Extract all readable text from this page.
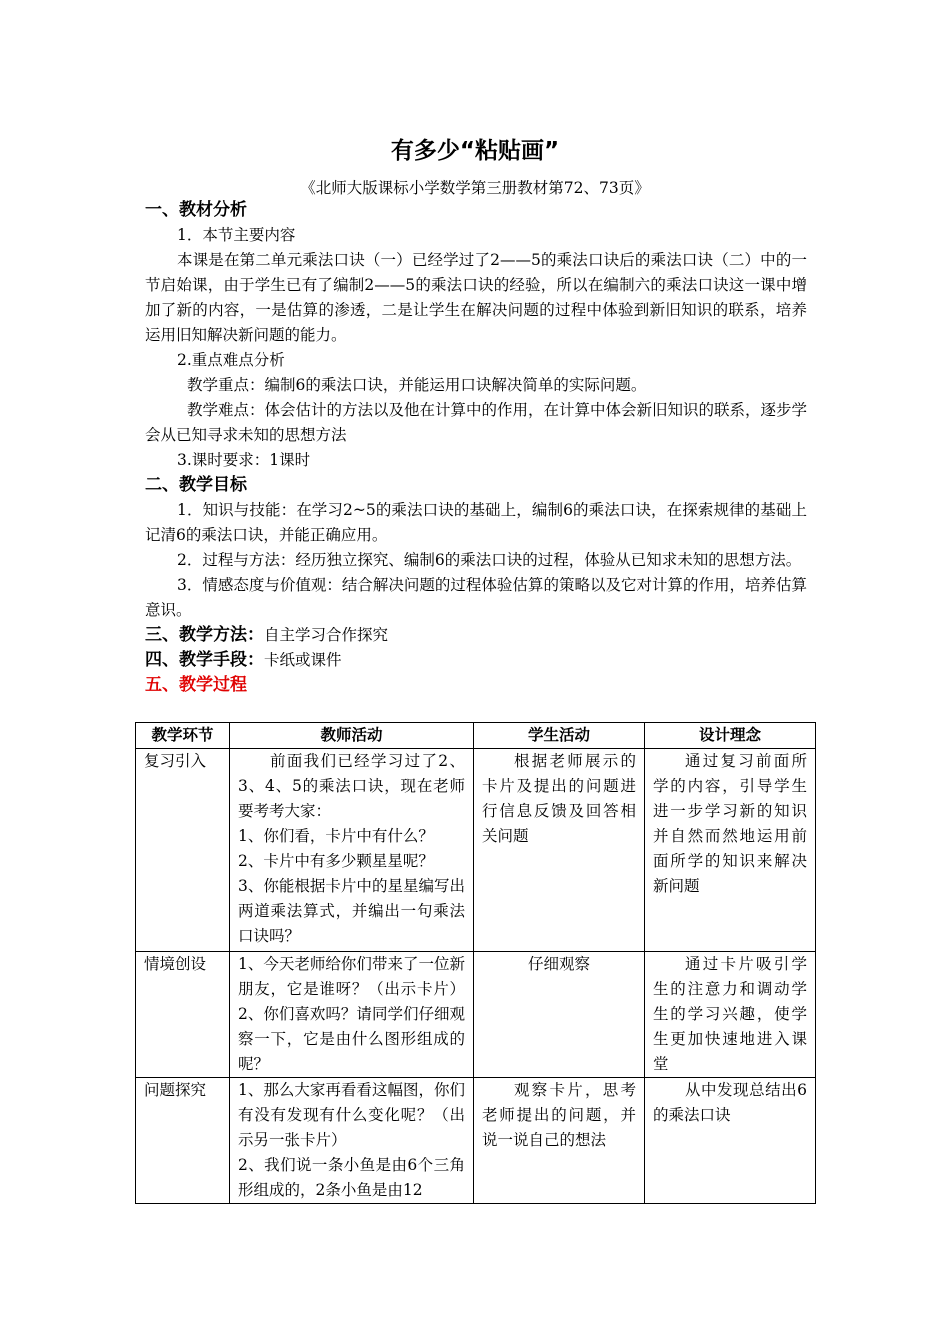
有多少“粘贴画”
《北师大版课标小学数学第三册教材第72、73页》
一、教材分析
1．本节主要内容
本课是在第二单元乘法口诀（一）已经学过了2——5的乘法口诀后的乘法口诀（二）中的一节启始课，由于学生已有了编制2——5的乘法口诀的经验，所以在编制六的乘法口诀这一课中增加了新的内容，一是估算的渗透，二是让学生在解决问题的过程中体验到新旧知识的联系，培养运用旧知解决新问题的能力。
2.重点难点分析
教学重点：编制6的乘法口诀，并能运用口诀解决简单的实际问题。
教学难点：体会估计的方法以及他在计算中的作用，在计算中体会新旧知识的联系，逐步学会从已知寻求未知的思想方法
3.课时要求：1课时
二、教学目标
1．知识与技能：在学习2~5的乘法口诀的基础上，编制6的乘法口诀，在探索规律的基础上记清6的乘法口诀，并能正确应用。
2．过程与方法：经历独立探究、编制6的乘法口诀的过程，体验从已知求未知的思想方法。
3．情感态度与价值观：结合解决问题的过程体验估算的策略以及它对计算的作用，培养估算意识。
三、教学方法：自主学习合作探究
四、教学手段：卡纸或课件
五、教学过程
教学环节	教师活动	学生活动	设计理念
复习引入	前面我们已经学习过了2、3、4、5的乘法口诀，现在老师要考考大家：
1、你们看，卡片中有什么？
2、卡片中有多少颗星星呢？
3、你能根据卡片中的星星编写出两道乘法算式，并编出一句乘法口诀吗？	根据老师展示的卡片及提出的问题进行信息反馈及回答相关问题	通过复习前面所学的内容，引导学生进一步学习新的知识并自然而然地运用前面所学的知识来解决新问题
情境创设	1、今天老师给你们带来了一位新朋友，它是谁呀？（出示卡片）2、你们喜欢吗？请同学们仔细观察一下，它是由什么图形组成的呢？	仔细观察	通过卡片吸引学生的注意力和调动学生的学习兴趣，使学生更加快速地进入课堂
问题探究	1、那么大家再看看这幅图，你们有没有发现有什么变化呢？（出示另一张卡片）
2、我们说一条小鱼是由6个三角形组成的，2条小鱼是由12	观察卡片，思考老师提出的问题，并说一说自己的想法	从中发现总结出6的乘法口诀
